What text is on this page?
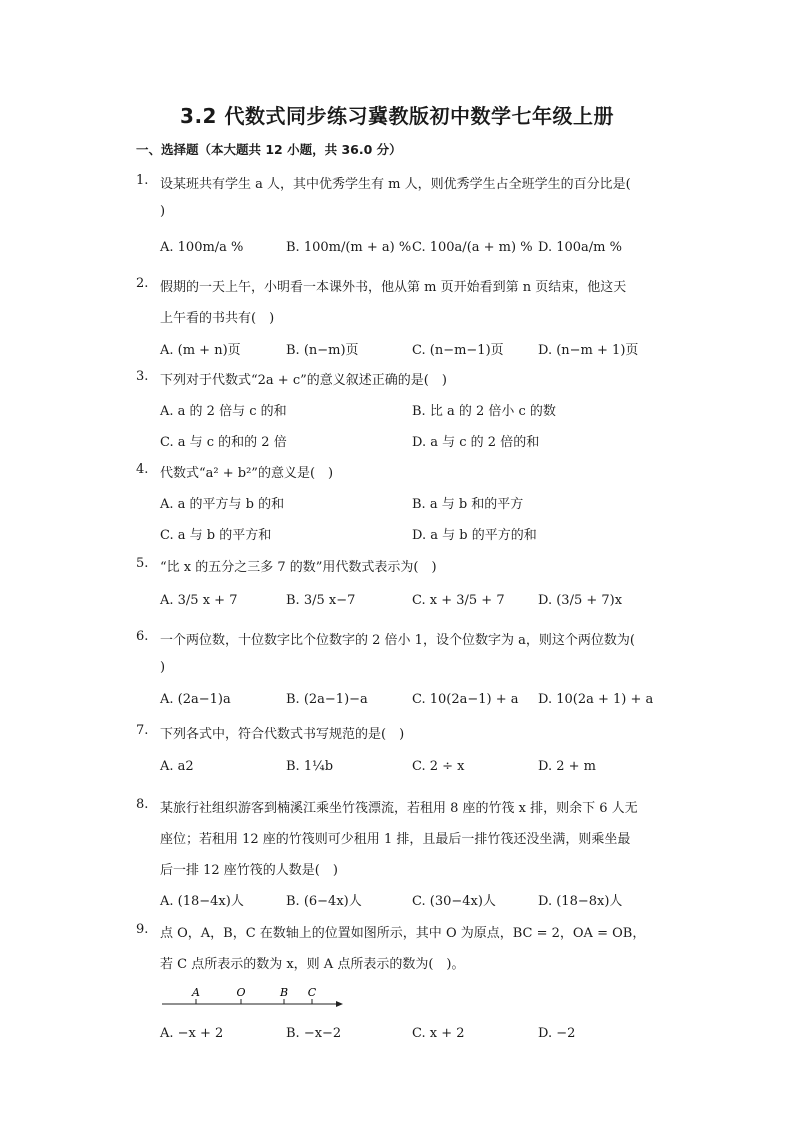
3.2 代数式同步练习冀教版初中数学七年级上册
一、选择题（本大题共 12 小题，共 36.0 分）
1. 设某班共有学生 a 人，其中优秀学生有 m 人，则优秀学生占全班学生的百分比是(
)
A. 100m/a %	B. 100m/(m + a) % C. 100a/(a + m) % D. 100a/m %
2. 假期的一天上午，小明看一本课外书，他从第 m 页开始看到第 n 页结束，他这天
上午看的书共有(　)
A. (m + n)页	B. (n−m)页	C. (n−m−1)页	D. (n−m + 1)页
3. 下列对于代数式“2a + c”的意义叙述正确的是(　)
A. a 的 2 倍与 c 的和	B. 比 a 的 2 倍小 c 的数
C. a 与 c 的和的 2 倍	D. a 与 c 的 2 倍的和
4. 代数式“a² + b²”的意义是(　)
A. a 的平方与 b 的和	B. a 与 b 和的平方
C. a 与 b 的平方和	D. a 与 b 的平方的和
5. “比 x 的五分之三多 7 的数”用代数式表示为(　)
A. 3/5 x + 7	B. 3/5 x−7	C. x + 3/5 + 7	D. (3/5 + 7)x
6. 一个两位数，十位数字比个位数字的 2 倍小 1，设个位数字为 a，则这个两位数为(
)
A. (2a−1)a	B. (2a−1)−a	C. 10(2a−1) + a D. 10(2a + 1) + a
7. 下列各式中，符合代数式书写规范的是(　)
A. a2	B. 1¼b	C. 2 ÷ x	D. 2 + m
8. 某旅行社组织游客到楠溪江乘坐竹筏漂流，若租用 8 座的竹筏 x 排，则余下 6 人无
座位；若租用 12 座的竹筏则可少租用 1 排，且最后一排竹筏还没坐满，则乘坐最
后一排 12 座竹筏的人数是(　)
A. (18−4x)人	B. (6−4x)人	C. (30−4x)人	D. (18−8x)人
9. 点 O，A，B，C 在数轴上的位置如图所示，其中 O 为原点，BC = 2，OA = OB，
若 C 点所表示的数为 x，则 A 点所表示的数为(　)。
A. −x + 2	B. −x−2	C. x + 2	D. −2
A	O	B C
